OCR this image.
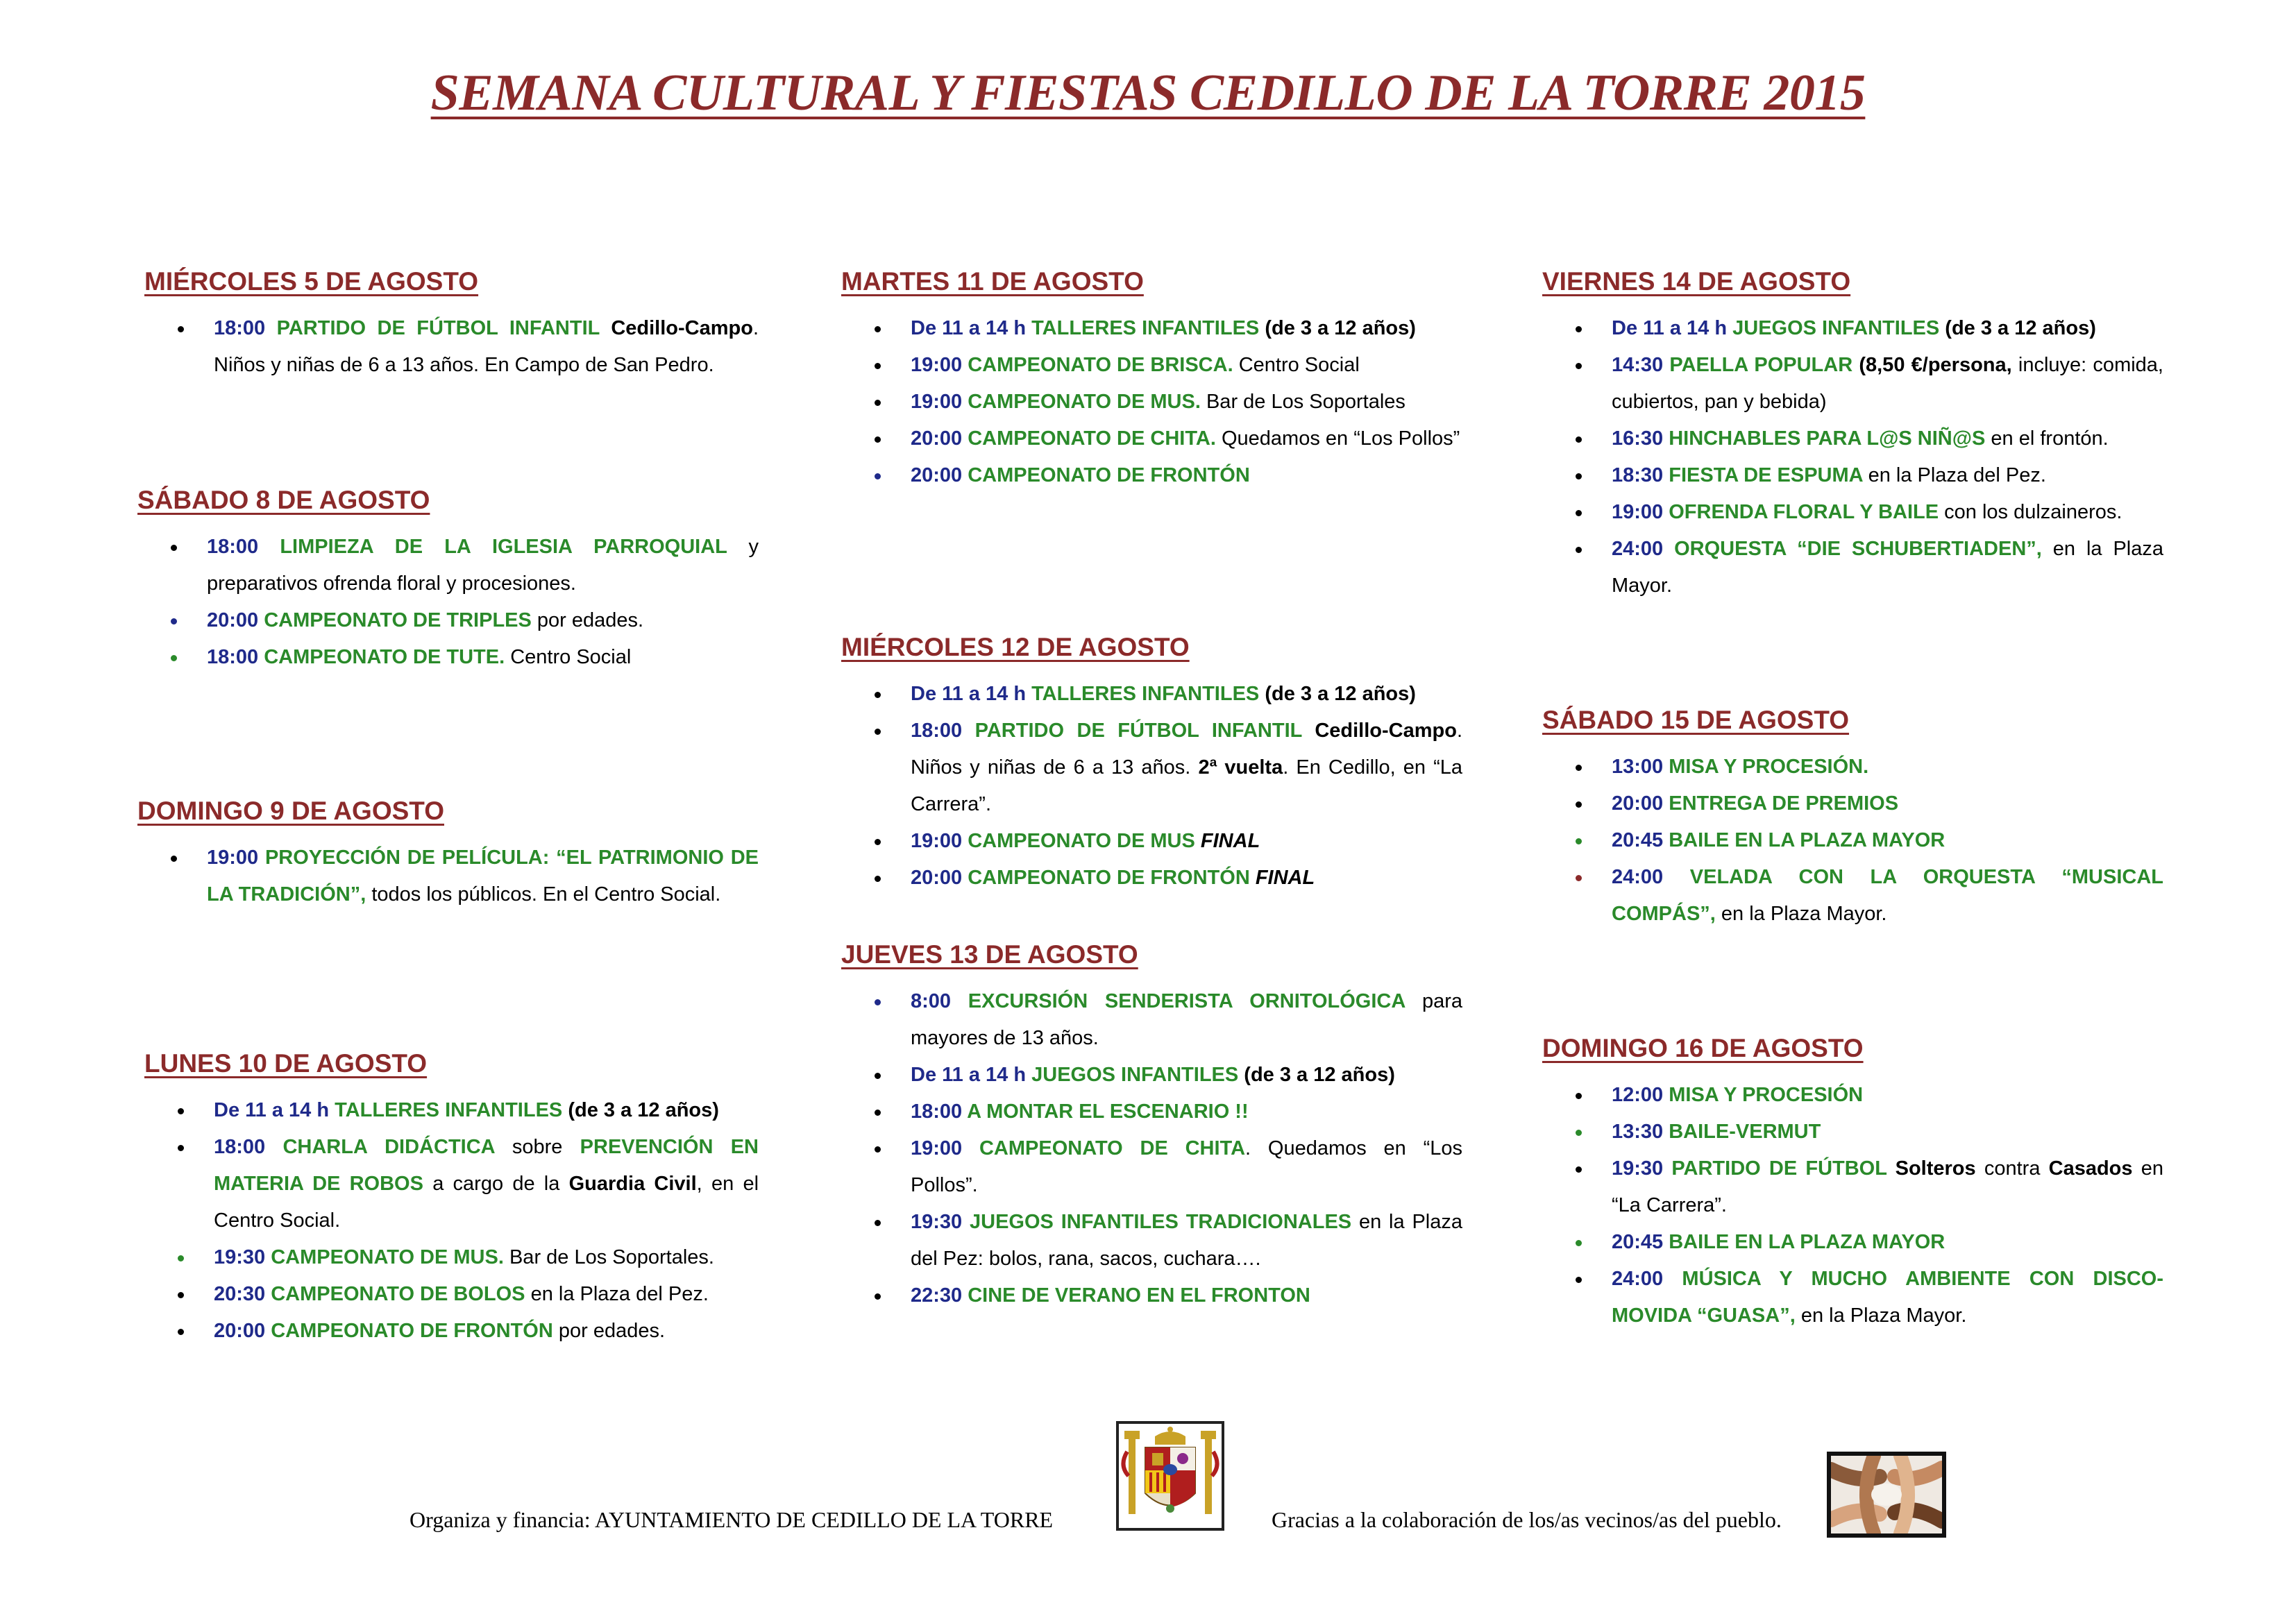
SEMANA CULTURAL Y FIESTAS CEDILLO DE LA TORRE 2015
MIÉRCOLES 5 DE AGOSTO
18:00 PARTIDO DE FÚTBOL INFANTIL Cedillo-Campo. Niños y niñas de 6 a 13 años. En Campo de San Pedro.
SÁBADO 8 DE AGOSTO
18:00 LIMPIEZA DE LA IGLESIA PARROQUIAL y preparativos ofrenda floral y procesiones.
20:00 CAMPEONATO DE TRIPLES por edades.
18:00 CAMPEONATO DE TUTE. Centro Social
DOMINGO 9 DE AGOSTO
19:00 PROYECCIÓN DE PELÍCULA: “EL PATRIMONIO DE LA TRADICIÓN”, todos los públicos. En el Centro Social.
LUNES 10 DE AGOSTO
De 11 a 14 h TALLERES INFANTILES (de 3 a 12 años)
18:00 CHARLA DIDÁCTICA sobre PREVENCIÓN EN MATERIA DE ROBOS a cargo de la Guardia Civil, en el Centro Social.
19:30 CAMPEONATO DE MUS. Bar de Los Soportales.
20:30 CAMPEONATO DE BOLOS en la Plaza del Pez.
20:00 CAMPEONATO DE FRONTÓN por edades.
MARTES 11 DE AGOSTO
De 11 a 14 h TALLERES INFANTILES (de 3 a 12 años)
19:00 CAMPEONATO DE BRISCA. Centro Social
19:00 CAMPEONATO DE MUS. Bar de Los Soportales
20:00 CAMPEONATO DE CHITA. Quedamos en “Los Pollos”
20:00 CAMPEONATO DE FRONTÓN
MIÉRCOLES 12 DE AGOSTO
De 11 a 14 h TALLERES INFANTILES (de 3 a 12 años)
18:00 PARTIDO DE FÚTBOL INFANTIL Cedillo-Campo. Niños y niñas de 6 a 13 años. 2ª vuelta. En Cedillo, en “La Carrera”.
19:00 CAMPEONATO DE MUS FINAL
20:00 CAMPEONATO DE FRONTÓN FINAL
JUEVES 13 DE AGOSTO
8:00 EXCURSIÓN SENDERISTA ORNITOLÓGICA para mayores de 13 años.
De 11 a 14 h JUEGOS INFANTILES (de 3 a 12 años)
18:00 A MONTAR EL ESCENARIO !!
19:00 CAMPEONATO DE CHITA. Quedamos en “Los Pollos”.
19:30 JUEGOS INFANTILES TRADICIONALES en la Plaza del Pez: bolos, rana, sacos, cuchara….
22:30 CINE DE VERANO EN EL FRONTON
VIERNES 14 DE AGOSTO
De 11 a 14 h JUEGOS INFANTILES (de 3 a 12 años)
14:30 PAELLA POPULAR (8,50 €/persona, incluye: comida, cubiertos, pan y bebida)
16:30 HINCHABLES PARA L@S NIÑ@S en el frontón.
18:30 FIESTA DE ESPUMA en la Plaza del Pez.
19:00 OFRENDA FLORAL Y BAILE con los dulzaineros.
24:00 ORQUESTA “DIE SCHUBERTIADEN”, en la Plaza Mayor.
SÁBADO 15 DE AGOSTO
13:00 MISA Y PROCESIÓN.
20:00 ENTREGA DE PREMIOS
20:45 BAILE EN LA PLAZA MAYOR
24:00 VELADA CON LA ORQUESTA “MUSICAL COMPÁS”, en la Plaza Mayor.
DOMINGO 16 DE AGOSTO
12:00 MISA Y PROCESIÓN
13:30 BAILE-VERMUT
19:30 PARTIDO DE FÚTBOL Solteros contra Casados en “La Carrera”.
20:45 BAILE EN LA PLAZA MAYOR
24:00 MÚSICA Y MUCHO AMBIENTE CON DISCO-MOVIDA “GUASA”, en la Plaza Mayor.
Organiza y financia: AYUNTAMIENTO DE CEDILLO DE LA TORRE	Gracias a la colaboración de los/as vecinos/as del pueblo.
